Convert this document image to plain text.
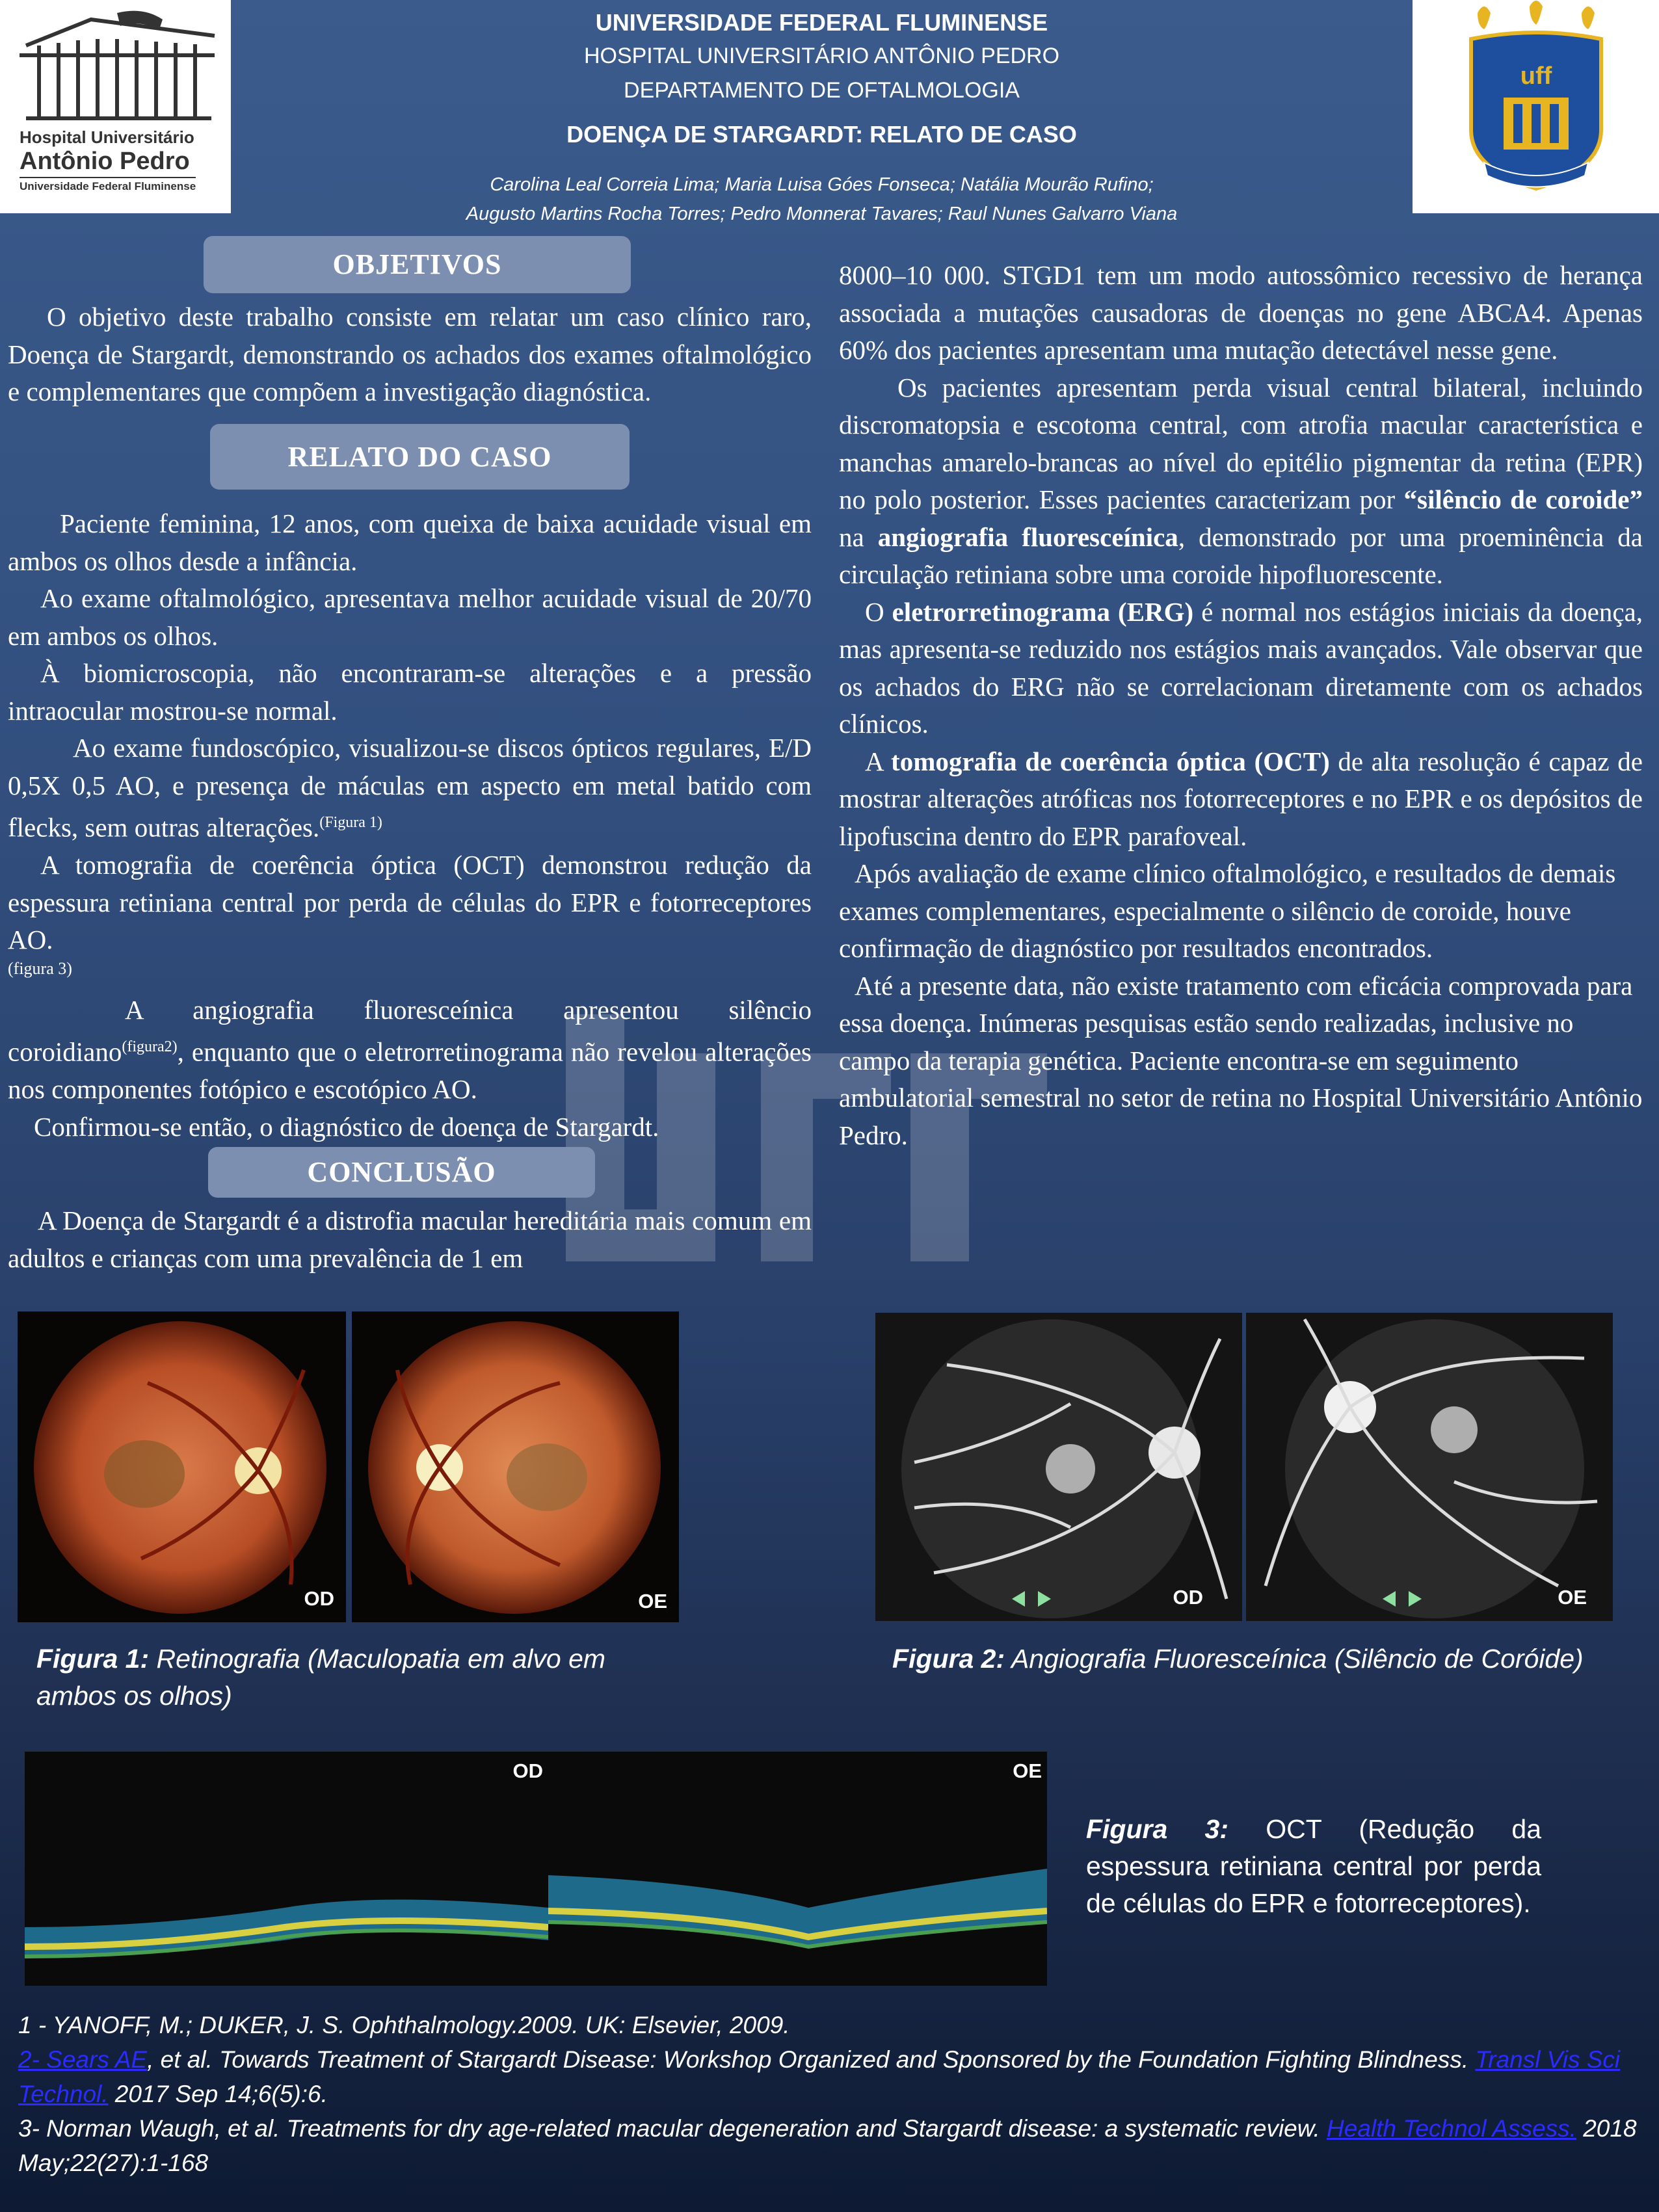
Hospital Universitário
Antônio Pedro
Universidade Federal Fluminense
UNIVERSIDADE FEDERAL FLUMINENSE
HOSPITAL UNIVERSITÁRIO ANTÔNIO PEDRO
DEPARTAMENTO DE OFTALMOLOGIA
DOENÇA DE STARGARDT: RELATO DE CASO
Carolina Leal Correia Lima; Maria Luisa Góes Fonseca; Natália Mourão Rufino;
Augusto Martins Rocha Torres; Pedro Monnerat Tavares; Raul Nunes Galvarro Viana
uff
1960
OBJETIVOS

O objetivo deste trabalho consiste em relatar um caso clínico raro, Doença de Stargardt, demonstrando os achados dos exames oftalmológico e complementares que compõem a investigação diagnóstica.

RELATO DO CASO

Paciente feminina, 12 anos, com queixa de baixa acuidade visual em ambos os olhos desde a infância.

Ao exame oftalmológico, apresentava melhor acuidade visual de 20/70 em ambos os olhos.

À biomicroscopia, não encontraram-se alterações e a pressão intraocular mostrou-se normal.

Ao exame fundoscópico, visualizou-se discos ópticos regulares, E/D 0,5X 0,5 AO, e presença de máculas em aspecto em metal batido com flecks, sem outras alterações.$^{(Figura 1)}$

A tomografia de coerência óptica (OCT) demonstrou redução da espessura retiniana central por perda de células do EPR e fotorreceptores AO.

(figura 3)

A angiografia fluoresceínica apresentou silêncio coroidiano$^{(figura2)}$, enquanto que o eletrorretinograma não revelou alterações nos componentes fotópico e escotópico AO.

Confirmou-se então, o diagnóstico de doença de Stargardt.

CONCLUSÃO

A Doença de Stargardt é a distrofia macular hereditária mais comum em adultos e crianças com uma prevalência de 1 em

8000–10 000. STGD1 tem um modo autossômico recessivo de herança associada a mutações causadoras de doenças no gene ABCA4. Apenas 60% dos pacientes apresentam uma mutação detectável nesse gene.

Os pacientes apresentam perda visual central bilateral, incluindo discromatopsia e escotoma central, com atrofia macular característica e manchas amarelo-brancas ao nível do epitélio pigmentar da retina (EPR) no polo posterior. Esses pacientes caracterizam por “silêncio de coroide” na angiografia fluoresceínica, demonstrado por uma proeminência da circulação retiniana sobre uma coroide hipofluorescente.

O eletrorretinograma (ERG) é normal nos estágios iniciais da doença, mas apresenta-se reduzido nos estágios mais avançados. Vale observar que os achados do ERG não se correlacionam diretamente com os achados clínicos.

A tomografia de coerência óptica (OCT) de alta resolução é capaz de mostrar alterações atróficas nos fotorreceptores e no EPR e os depósitos de lipofuscina dentro do EPR parafoveal.

Após avaliação de exame clínico oftalmológico, e resultados de demais exames complementares, especialmente o silêncio de coroide, houve confirmação de diagnóstico por resultados encontrados.

Até a presente data, não existe tratamento com eficácia comprovada para essa doença. Inúmeras pesquisas estão sendo realizadas, inclusive no campo da terapia genética. Paciente encontra-se em seguimento ambulatorial semestral no setor de retina no Hospital Universitário Antônio Pedro.

OD	OE
Figura 1: Retinografia (Maculopatia em alvo em ambos os olhos)
OD	OE
Figura 2: Angiografia Fluoresceínica (Silêncio de Coróide)
OD	OE
Figura 3: OCT (Redução da espessura retiniana central por perda de células do EPR e fotorreceptores).

1 - YANOFF, M.; DUKER, J. S. Ophthalmology.2009. UK: Elsevier, 2009.

2- Sears AE, et al. Towards Treatment of Stargardt Disease: Workshop Organized and Sponsored by the Foundation Fighting Blindness. Transl Vis Sci Technol. 2017 Sep 14;6(5):6.

3- Norman Waugh, et al. Treatments for dry age-related macular degeneration and Stargardt disease: a systematic review. Health Technol Assess. 2018 May;22(27):1-168
